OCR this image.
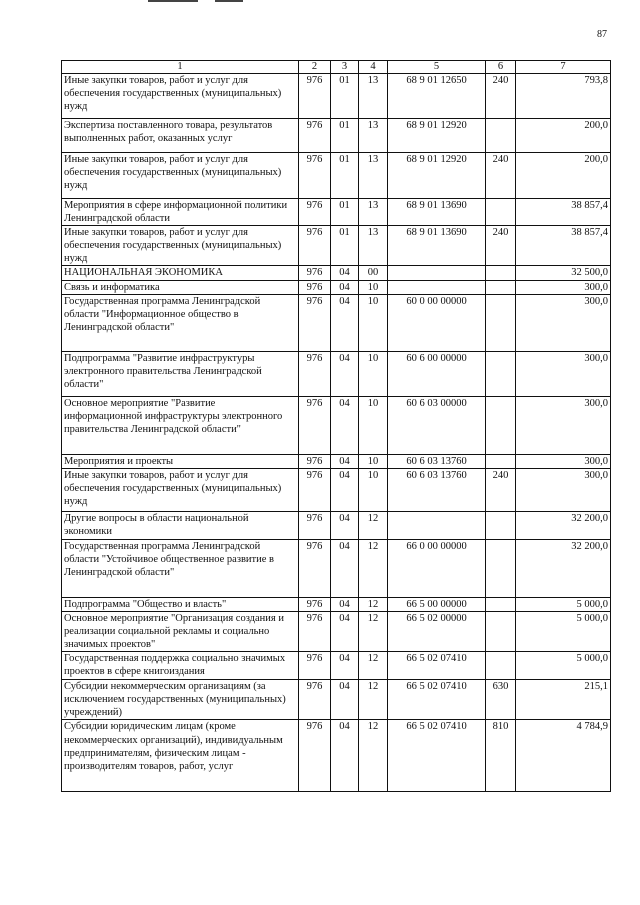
87
1	2	3	4	5	6	7
Иные закупки товаров, работ и услуг для обеспечения государственных (муниципальных) нужд	976	01	13	68 9 01 12650	240	793,8
Экспертиза поставленного товара, результатов выполненных работ, оказанных услуг	976	01	13	68 9 01 12920		200,0
Иные закупки товаров, работ и услуг для обеспечения государственных (муниципальных) нужд	976	01	13	68 9 01 12920	240	200,0
Мероприятия в сфере информационной политики Ленинградской области	976	01	13	68 9 01 13690		38 857,4
Иные закупки товаров, работ и услуг для обеспечения государственных (муниципальных) нужд	976	01	13	68 9 01 13690	240	38 857,4
НАЦИОНАЛЬНАЯ ЭКОНОМИКА	976	04	00			32 500,0
Связь и информатика	976	04	10			300,0
Государственная программа Ленинградской области "Информационное общество в Ленинградской области"	976	04	10	60 0 00 00000		300,0
Подпрограмма "Развитие инфраструктуры электронного правительства Ленинградской области"	976	04	10	60 6 00 00000		300,0
Основное мероприятие "Развитие информационной инфраструктуры электронного правительства Ленинградской области"	976	04	10	60 6 03 00000		300,0
Мероприятия и проекты	976	04	10	60 6 03 13760		300,0
Иные закупки товаров, работ и услуг для обеспечения государственных (муниципальных) нужд	976	04	10	60 6 03 13760	240	300,0
Другие вопросы в области национальной экономики	976	04	12			32 200,0
Государственная программа Ленинградской области "Устойчивое общественное развитие в Ленинградской области"	976	04	12	66 0 00 00000		32 200,0
Подпрограмма "Общество и власть"	976	04	12	66 5 00 00000		5 000,0
Основное мероприятие "Организация создания и реализации социальной рекламы и социально значимых проектов"	976	04	12	66 5 02 00000		5 000,0
Государственная поддержка социально значимых проектов в сфере книгоиздания	976	04	12	66 5 02 07410		5 000,0
Субсидии некоммерческим организациям (за исключением государственных (муниципальных) учреждений)	976	04	12	66 5 02 07410	630	215,1
Субсидии юридическим лицам (кроме некоммерческих организаций), индивидуальным предпринимателям, физическим лицам - производителям товаров, работ, услуг	976	04	12	66 5 02 07410	810	4 784,9
